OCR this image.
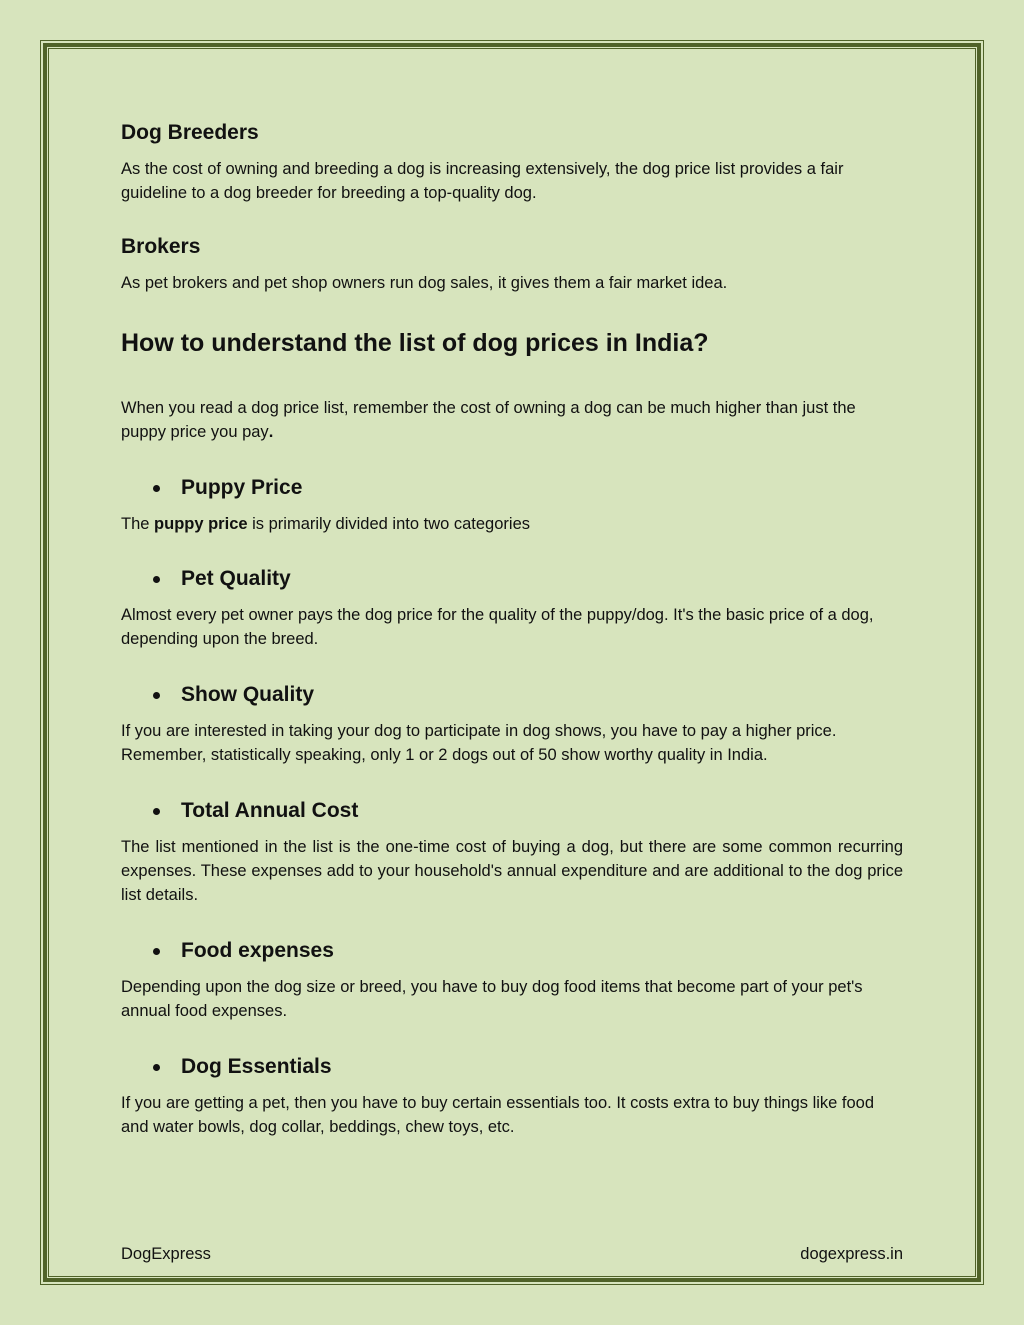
Dog Breeders

As the cost of owning and breeding a dog is increasing extensively, the dog price list provides a fair guideline to a dog breeder for breeding a top-quality dog.

Brokers

As pet brokers and pet shop owners run dog sales, it gives them a fair market idea.

How to understand the list of dog prices in India?

When you read a dog price list, remember the cost of owning a dog can be much higher than just the puppy price you pay.

Puppy Price

The puppy price is primarily divided into two categories

Pet Quality

Almost every pet owner pays the dog price for the quality of the puppy/dog. It's the basic price of a dog, depending upon the breed.

Show Quality

If you are interested in taking your dog to participate in dog shows, you have to pay a higher price. Remember, statistically speaking, only 1 or 2 dogs out of 50 show worthy quality in India.

Total Annual Cost

The list mentioned in the list is the one-time cost of buying a dog, but there are some common recurring expenses. These expenses add to your household's annual expenditure and are additional to the dog price list details.

Food expenses

Depending upon the dog size or breed, you have to buy dog food items that become part of your pet's annual food expenses.

Dog Essentials

If you are getting a pet, then you have to buy certain essentials too. It costs extra to buy things like food and water bowls, dog collar, beddings, chew toys, etc.

DogExpress	dogexpress.in
